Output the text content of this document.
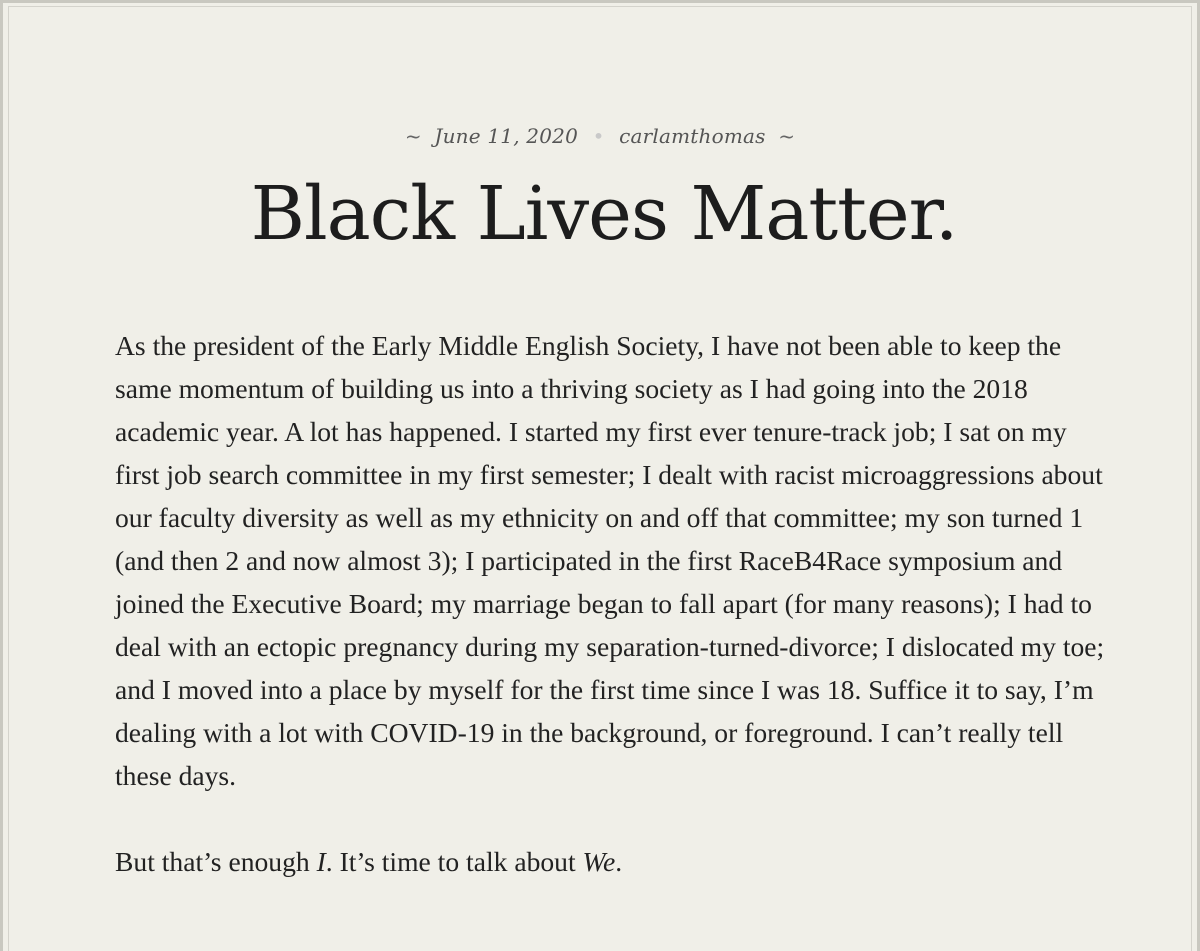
~ June 11, 2020 • carlamthomas ~
Black Lives Matter.

As the president of the Early Middle English Society, I have not been able to keep the same momentum of building us into a thriving society as I had going into the 2018 academic year. A lot has happened. I started my first ever tenure-track job; I sat on my first job search committee in my first semester; I dealt with racist microaggressions about our faculty diversity as well as my ethnicity on and off that committee; my son turned 1 (and then 2 and now almost 3); I participated in the first RaceB4Race symposium and joined the Executive Board; my marriage began to fall apart (for many reasons); I had to deal with an ectopic pregnancy during my separation-turned-divorce; I dislocated my toe; and I moved into a place by myself for the first time since I was 18. Suffice it to say, I’m dealing with a lot with COVID-19 in the background, or foreground. I can’t really tell these days.

But that’s enough I. It’s time to talk about We.
